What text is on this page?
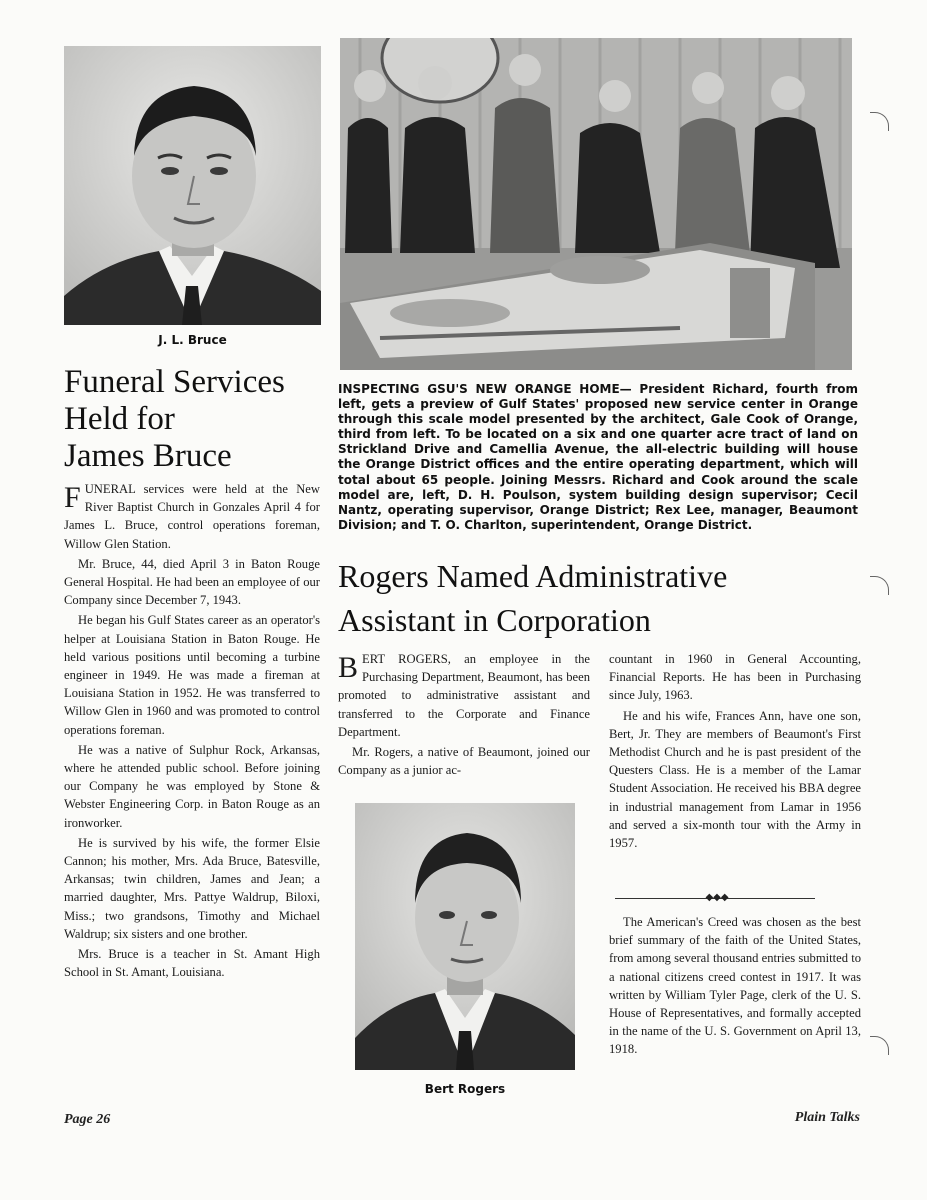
J. L. Bruce
INSPECTING GSU'S NEW ORANGE HOME— President Richard, fourth from left, gets a preview of Gulf States' proposed new service center in Orange through this scale model presented by the architect, Gale Cook of Orange, third from left. To be located on a six and one quarter acre tract of land on Strickland Drive and Camellia Avenue, the all-electric building will house the Orange District offices and the entire operating department, which will total about 65 people. Joining Messrs. Richard and Cook around the scale model are, left, D. H. Poulson, system building design supervisor; Cecil Nantz, operating supervisor, Orange District; Rex Lee, manager, Beaumont Division; and T. O. Charlton, superintendent, Orange District.
Funeral Services
Held for
James Bruce

FUNERAL services were held at the New River Baptist Church in Gonzales April 4 for James L. Bruce, control operations foreman, Willow Glen Station.

Mr. Bruce, 44, died April 3 in Baton Rouge General Hospital. He had been an employee of our Company since December 7, 1943.

He began his Gulf States career as an operator's helper at Louisiana Station in Baton Rouge. He held various positions until becoming a turbine engineer in 1949. He was made a fireman at Louisiana Station in 1952. He was transferred to Willow Glen in 1960 and was promoted to control operations foreman.

He was a native of Sulphur Rock, Arkansas, where he attended public school. Before joining our Company he was employed by Stone & Webster Engineering Corp. in Baton Rouge as an ironworker.

He is survived by his wife, the former Elsie Cannon; his mother, Mrs. Ada Bruce, Batesville, Arkansas; twin children, James and Jean; a married daughter, Mrs. Pattye Waldrup, Biloxi, Miss.; two grandsons, Timothy and Michael Waldrup; six sisters and one brother.

Mrs. Bruce is a teacher in St. Amant High School in St. Amant, Louisiana.

Rogers Named Administrative
Assistant in Corporation

BERT ROGERS, an employee in the Purchasing Department, Beaumont, has been promoted to administrative assistant and transferred to the Corporate and Finance Department.

Mr. Rogers, a native of Beaumont, joined our Company as a junior ac-

Bert Rogers

countant in 1960 in General Accounting, Financial Reports. He has been in Purchasing since July, 1963.

He and his wife, Frances Ann, have one son, Bert, Jr. They are members of Beaumont's First Methodist Church and he is past president of the Questers Class. He is a member of the Lamar Student Association. He received his BBA degree in industrial management from Lamar in 1956 and served a six-month tour with the Army in 1957.

◆◆◆

The American's Creed was chosen as the best brief summary of the faith of the United States, from among several thousand entries submitted to a national citizens creed contest in 1917. It was written by William Tyler Page, clerk of the U. S. House of Representatives, and formally accepted in the name of the U. S. Government on April 13, 1918.

Page 26	Plain Talks
